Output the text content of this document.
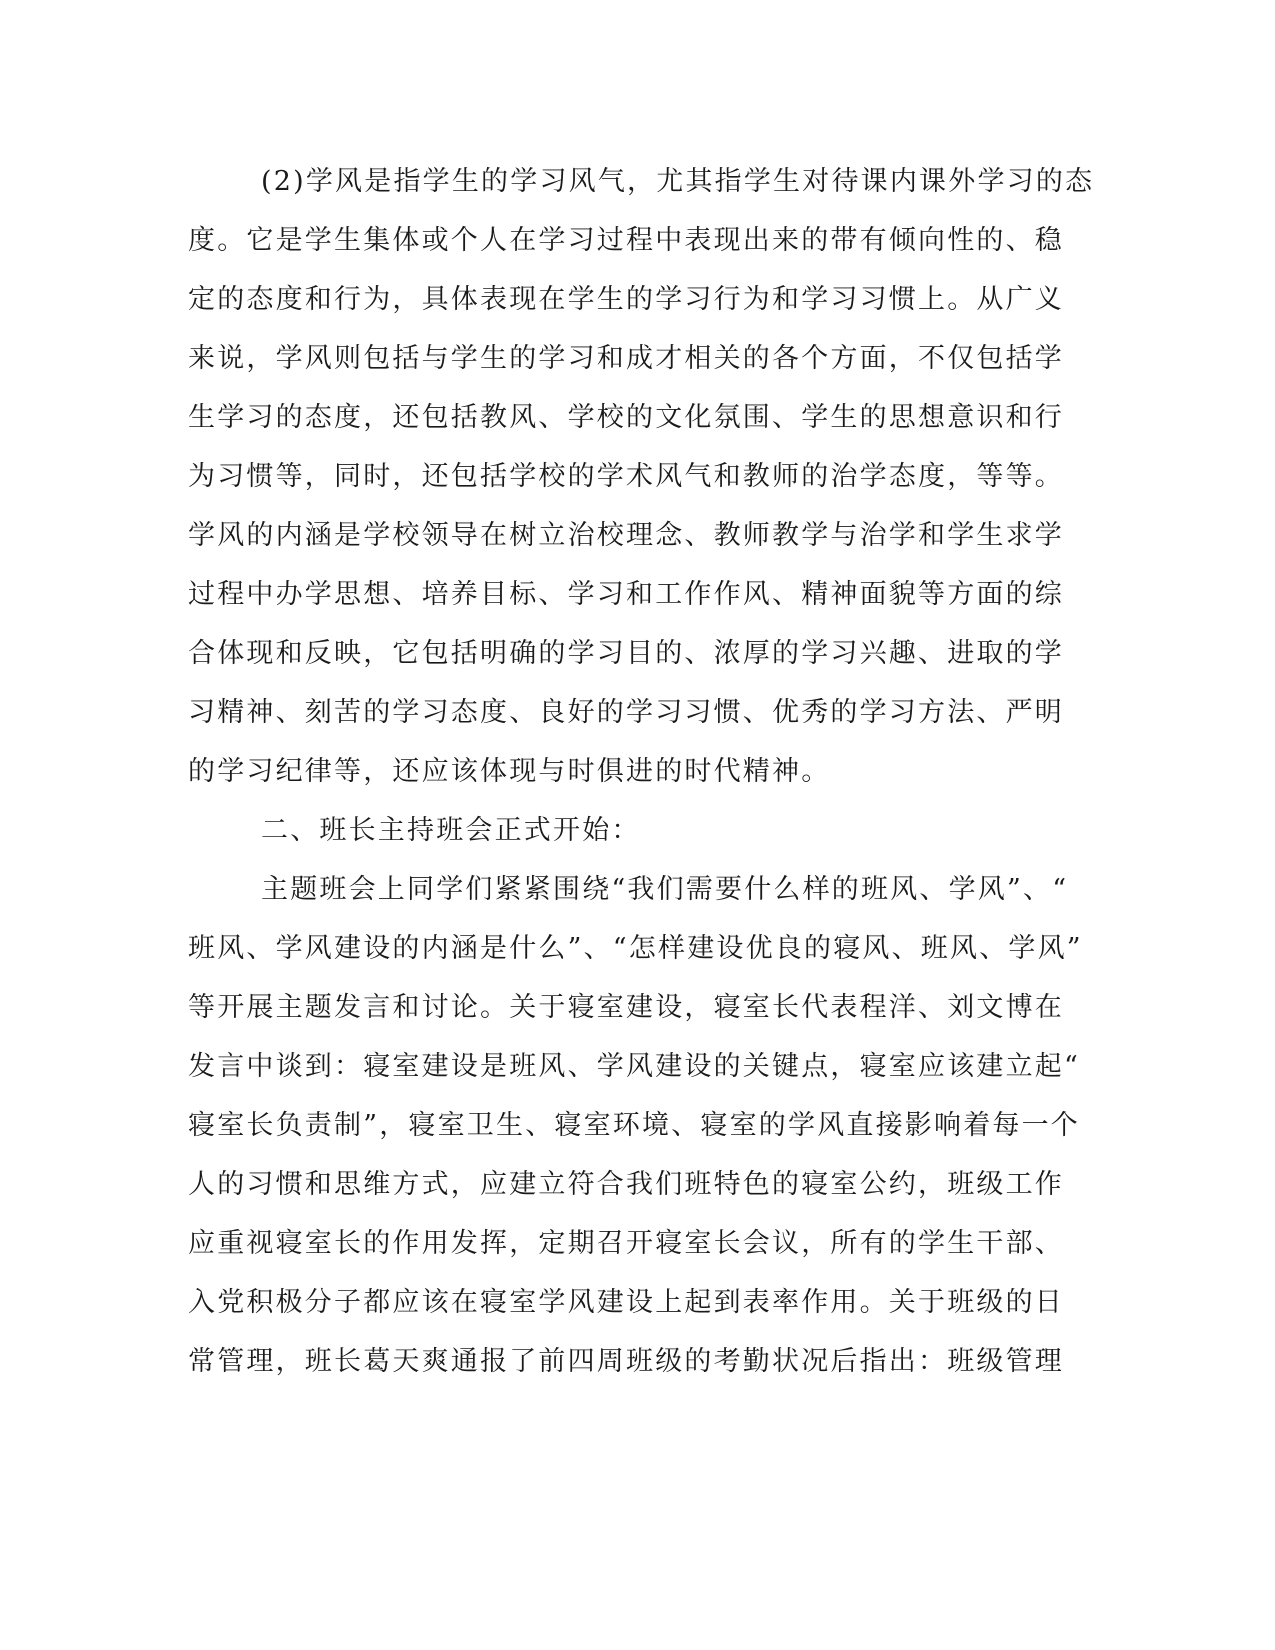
(2)学风是指学生的学习风气，尤其指学生对待课内课外学习的态
度。它是学生集体或个人在学习过程中表现出来的带有倾向性的、稳
定的态度和行为，具体表现在学生的学习行为和学习习惯上。从广义
来说，学风则包括与学生的学习和成才相关的各个方面，不仅包括学
生学习的态度，还包括教风、学校的文化氛围、学生的思想意识和行
为习惯等，同时，还包括学校的学术风气和教师的治学态度，等等。
学风的内涵是学校领导在树立治校理念、教师教学与治学和学生求学
过程中办学思想、培养目标、学习和工作作风、精神面貌等方面的综
合体现和反映，它包括明确的学习目的、浓厚的学习兴趣、进取的学
习精神、刻苦的学习态度、良好的学习习惯、优秀的学习方法、严明
的学习纪律等，还应该体现与时俱进的时代精神。
二、班长主持班会正式开始：
主题班会上同学们紧紧围绕“我们需要什么样的班风、学风”、“
班风、学风建设的内涵是什么”、“怎样建设优良的寝风、班风、学风”
等开展主题发言和讨论。关于寝室建设，寝室长代表程洋、刘文博在
发言中谈到：寝室建设是班风、学风建设的关键点，寝室应该建立起“
寝室长负责制”，寝室卫生、寝室环境、寝室的学风直接影响着每一个
人的习惯和思维方式，应建立符合我们班特色的寝室公约，班级工作
应重视寝室长的作用发挥，定期召开寝室长会议，所有的学生干部、
入党积极分子都应该在寝室学风建设上起到表率作用。关于班级的日
常管理，班长葛天爽通报了前四周班级的考勤状况后指出：班级管理
